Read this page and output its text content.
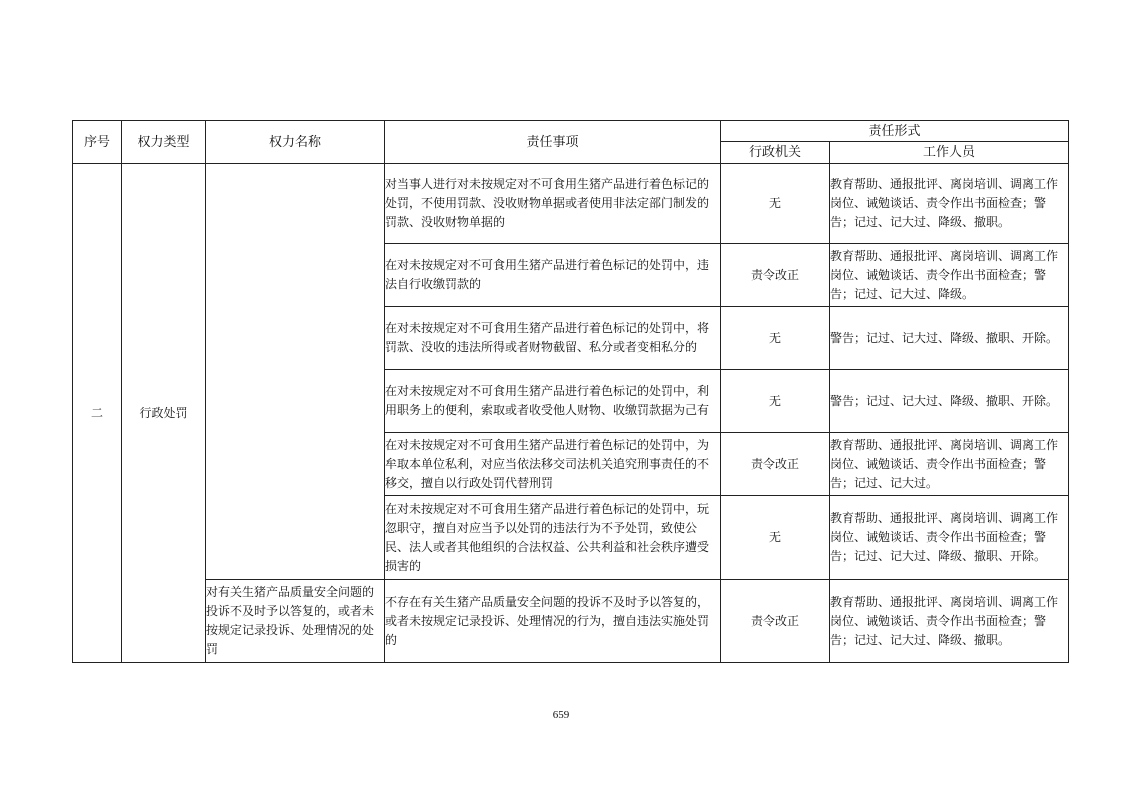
序号	权力类型	权力名称	责任事项	责任形式	
				行政机关	工作人员
二	行政处罚		对当事人进行对未按规定对不可食用生猪产品进行着色标记的处罚，不使用罚款、没收财物单据或者使用非法定部门制发的罚款、没收财物单据的	无	教育帮助、通报批评、离岗培训、调离工作岗位、诫勉谈话、责令作出书面检查；警告；记过、记大过、降级、撤职。
			在对未按规定对不可食用生猪产品进行着色标记的处罚中，违法自行收缴罚款的	责令改正	教育帮助、通报批评、离岗培训、调离工作岗位、诫勉谈话、责令作出书面检查；警告；记过、记大过、降级。
			在对未按规定对不可食用生猪产品进行着色标记的处罚中，将罚款、没收的违法所得或者财物截留、私分或者变相私分的	无	警告；记过、记大过、降级、撤职、开除。
			在对未按规定对不可食用生猪产品进行着色标记的处罚中，利用职务上的便利，索取或者收受他人财物、收缴罚款据为己有	无	警告；记过、记大过、降级、撤职、开除。
			在对未按规定对不可食用生猪产品进行着色标记的处罚中，为牟取本单位私利，对应当依法移交司法机关追究刑事责任的不移交，擅自以行政处罚代替刑罚	责令改正	教育帮助、通报批评、离岗培训、调离工作岗位、诫勉谈话、责令作出书面检查；警告；记过、记大过。
			在对未按规定对不可食用生猪产品进行着色标记的处罚中，玩忽职守，擅自对应当予以处罚的违法行为不予处罚，致使公民、法人或者其他组织的合法权益、公共利益和社会秩序遭受损害的	无	教育帮助、通报批评、离岗培训、调离工作岗位、诫勉谈话、责令作出书面检查；警告；记过、记大过、降级、撤职、开除。
		对有关生猪产品质量安全问题的投诉不及时予以答复的，或者未按规定记录投诉、处理情况的处罚	不存在有关生猪产品质量安全问题的投诉不及时予以答复的，或者未按规定记录投诉、处理情况的行为，擅自违法实施处罚的	责令改正	教育帮助、通报批评、离岗培训、调离工作岗位、诫勉谈话、责令作出书面检查；警告；记过、记大过、降级、撤职。
659
